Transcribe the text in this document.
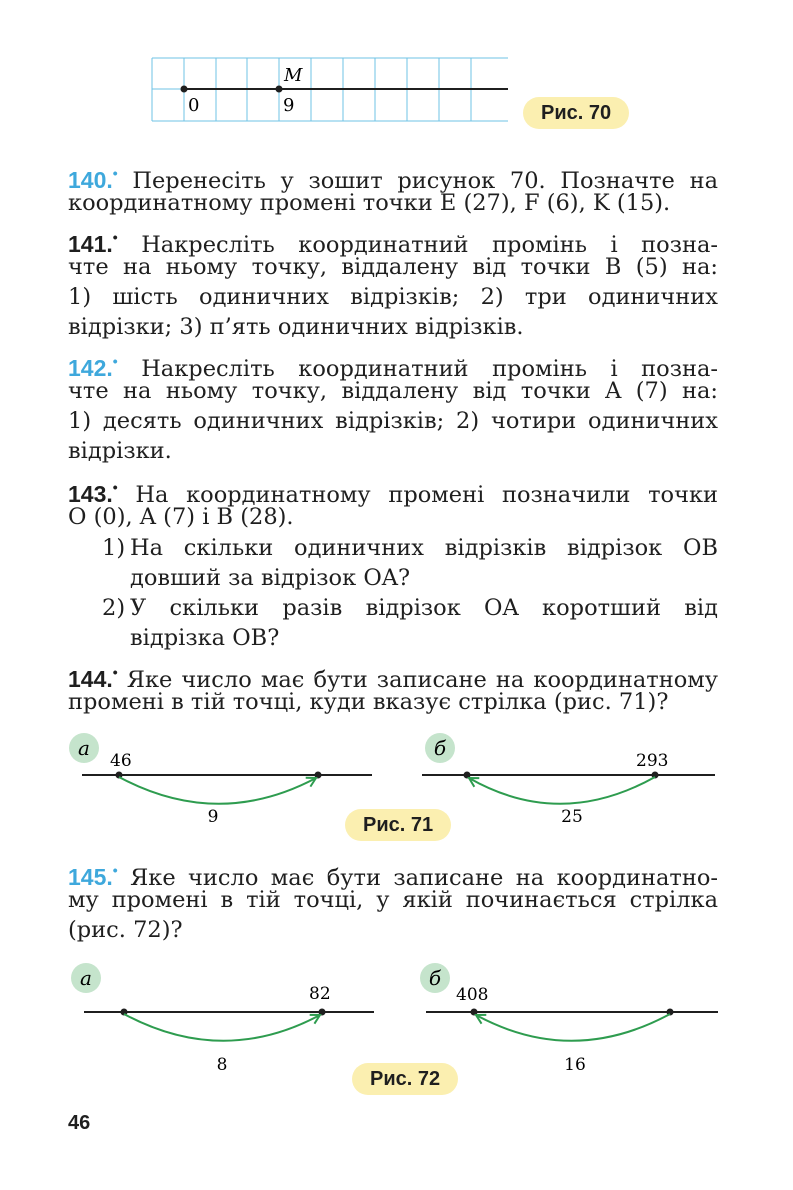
M
0	9	Рис. 70
140.• Перенесіть у зошит рисунок 70. Позначте на
координатному промені точки E (27), F (6), K (15).
141.• Накресліть координатний промінь і позна-
чте на ньому точку, віддалену від точки B (5) на:
1) шість одиничних відрізків; 2) три одиничних
відрізки; 3) п’ять одиничних відрізків.
142.• Накресліть координатний промінь і позна-
чте на ньому точку, віддалену від точки A (7) на:
1) десять одиничних відрізків; 2) чотири одиничних
відрізки.
143.• На координатному промені позначили точки
O (0), A (7) і B (28).
1) На скільки одиничних відрізків відрізок OB
довший за відрізок OA?
2) У скільки разів відрізок OA коротший від
відрізка OB?
144.• Яке число має бути записане на координатному
промені в тій точці, куди вказує стрілка (рис. 71)?
а
46
9
б
293
25
Рис. 71
145.• Яке число має бути записане на координатно-
му промені в тій точці, у якій починається стрілка
(рис. 72)?
а
82
8
б
408
16
Рис. 72
46
